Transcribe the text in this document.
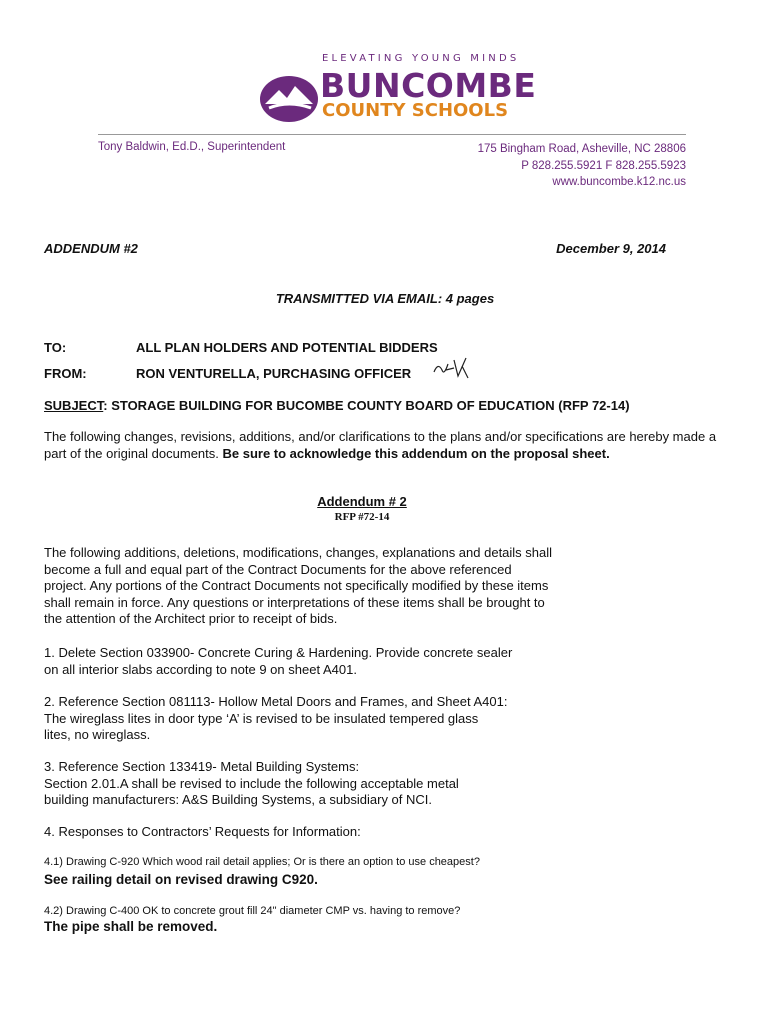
ELEVATING YOUNG MINDS
BUNCOMBE
COUNTY SCHOOLS
Tony Baldwin, Ed.D., Superintendent	175 Bingham Road, Asheville, NC 28806
P 828.255.5921 F 828.255.5923
www.buncombe.k12.nc.us
ADDENDUM #2	December 9, 2014
TRANSMITTED VIA EMAIL: 4 pages
TO:	ALL PLAN HOLDERS AND POTENTIAL BIDDERS
FROM:	RON VENTURELLA, PURCHASING OFFICER
SUBJECT: STORAGE BUILDING FOR BUCOMBE COUNTY BOARD OF EDUCATION (RFP 72-14)
The following changes, revisions, additions, and/or clarifications to the plans and/or specifications are hereby made a part of the original documents. Be sure to acknowledge this addendum on the proposal sheet.
Addendum # 2
RFP #72-14
The following additions, deletions, modifications, changes, explanations and details shall
become a full and equal part of the Contract Documents for the above referenced
project. Any portions of the Contract Documents not specifically modified by these items
shall remain in force. Any questions or interpretations of these items shall be brought to
the attention of the Architect prior to receipt of bids.
1. Delete Section 033900- Concrete Curing & Hardening. Provide concrete sealer
on all interior slabs according to note 9 on sheet A401.
2. Reference Section 081113- Hollow Metal Doors and Frames, and Sheet A401:
The wireglass lites in door type ‘A’ is revised to be insulated tempered glass
lites, no wireglass.
3. Reference Section 133419- Metal Building Systems:
Section 2.01.A shall be revised to include the following acceptable metal
building manufacturers: A&S Building Systems, a subsidiary of NCI.
4. Responses to Contractors’ Requests for Information:
4.1) Drawing C-920 Which wood rail detail applies; Or is there an option to use cheapest?
See railing detail on revised drawing C920.
4.2) Drawing C-400 OK to concrete grout fill 24" diameter CMP vs. having to remove?
The pipe shall be removed.
